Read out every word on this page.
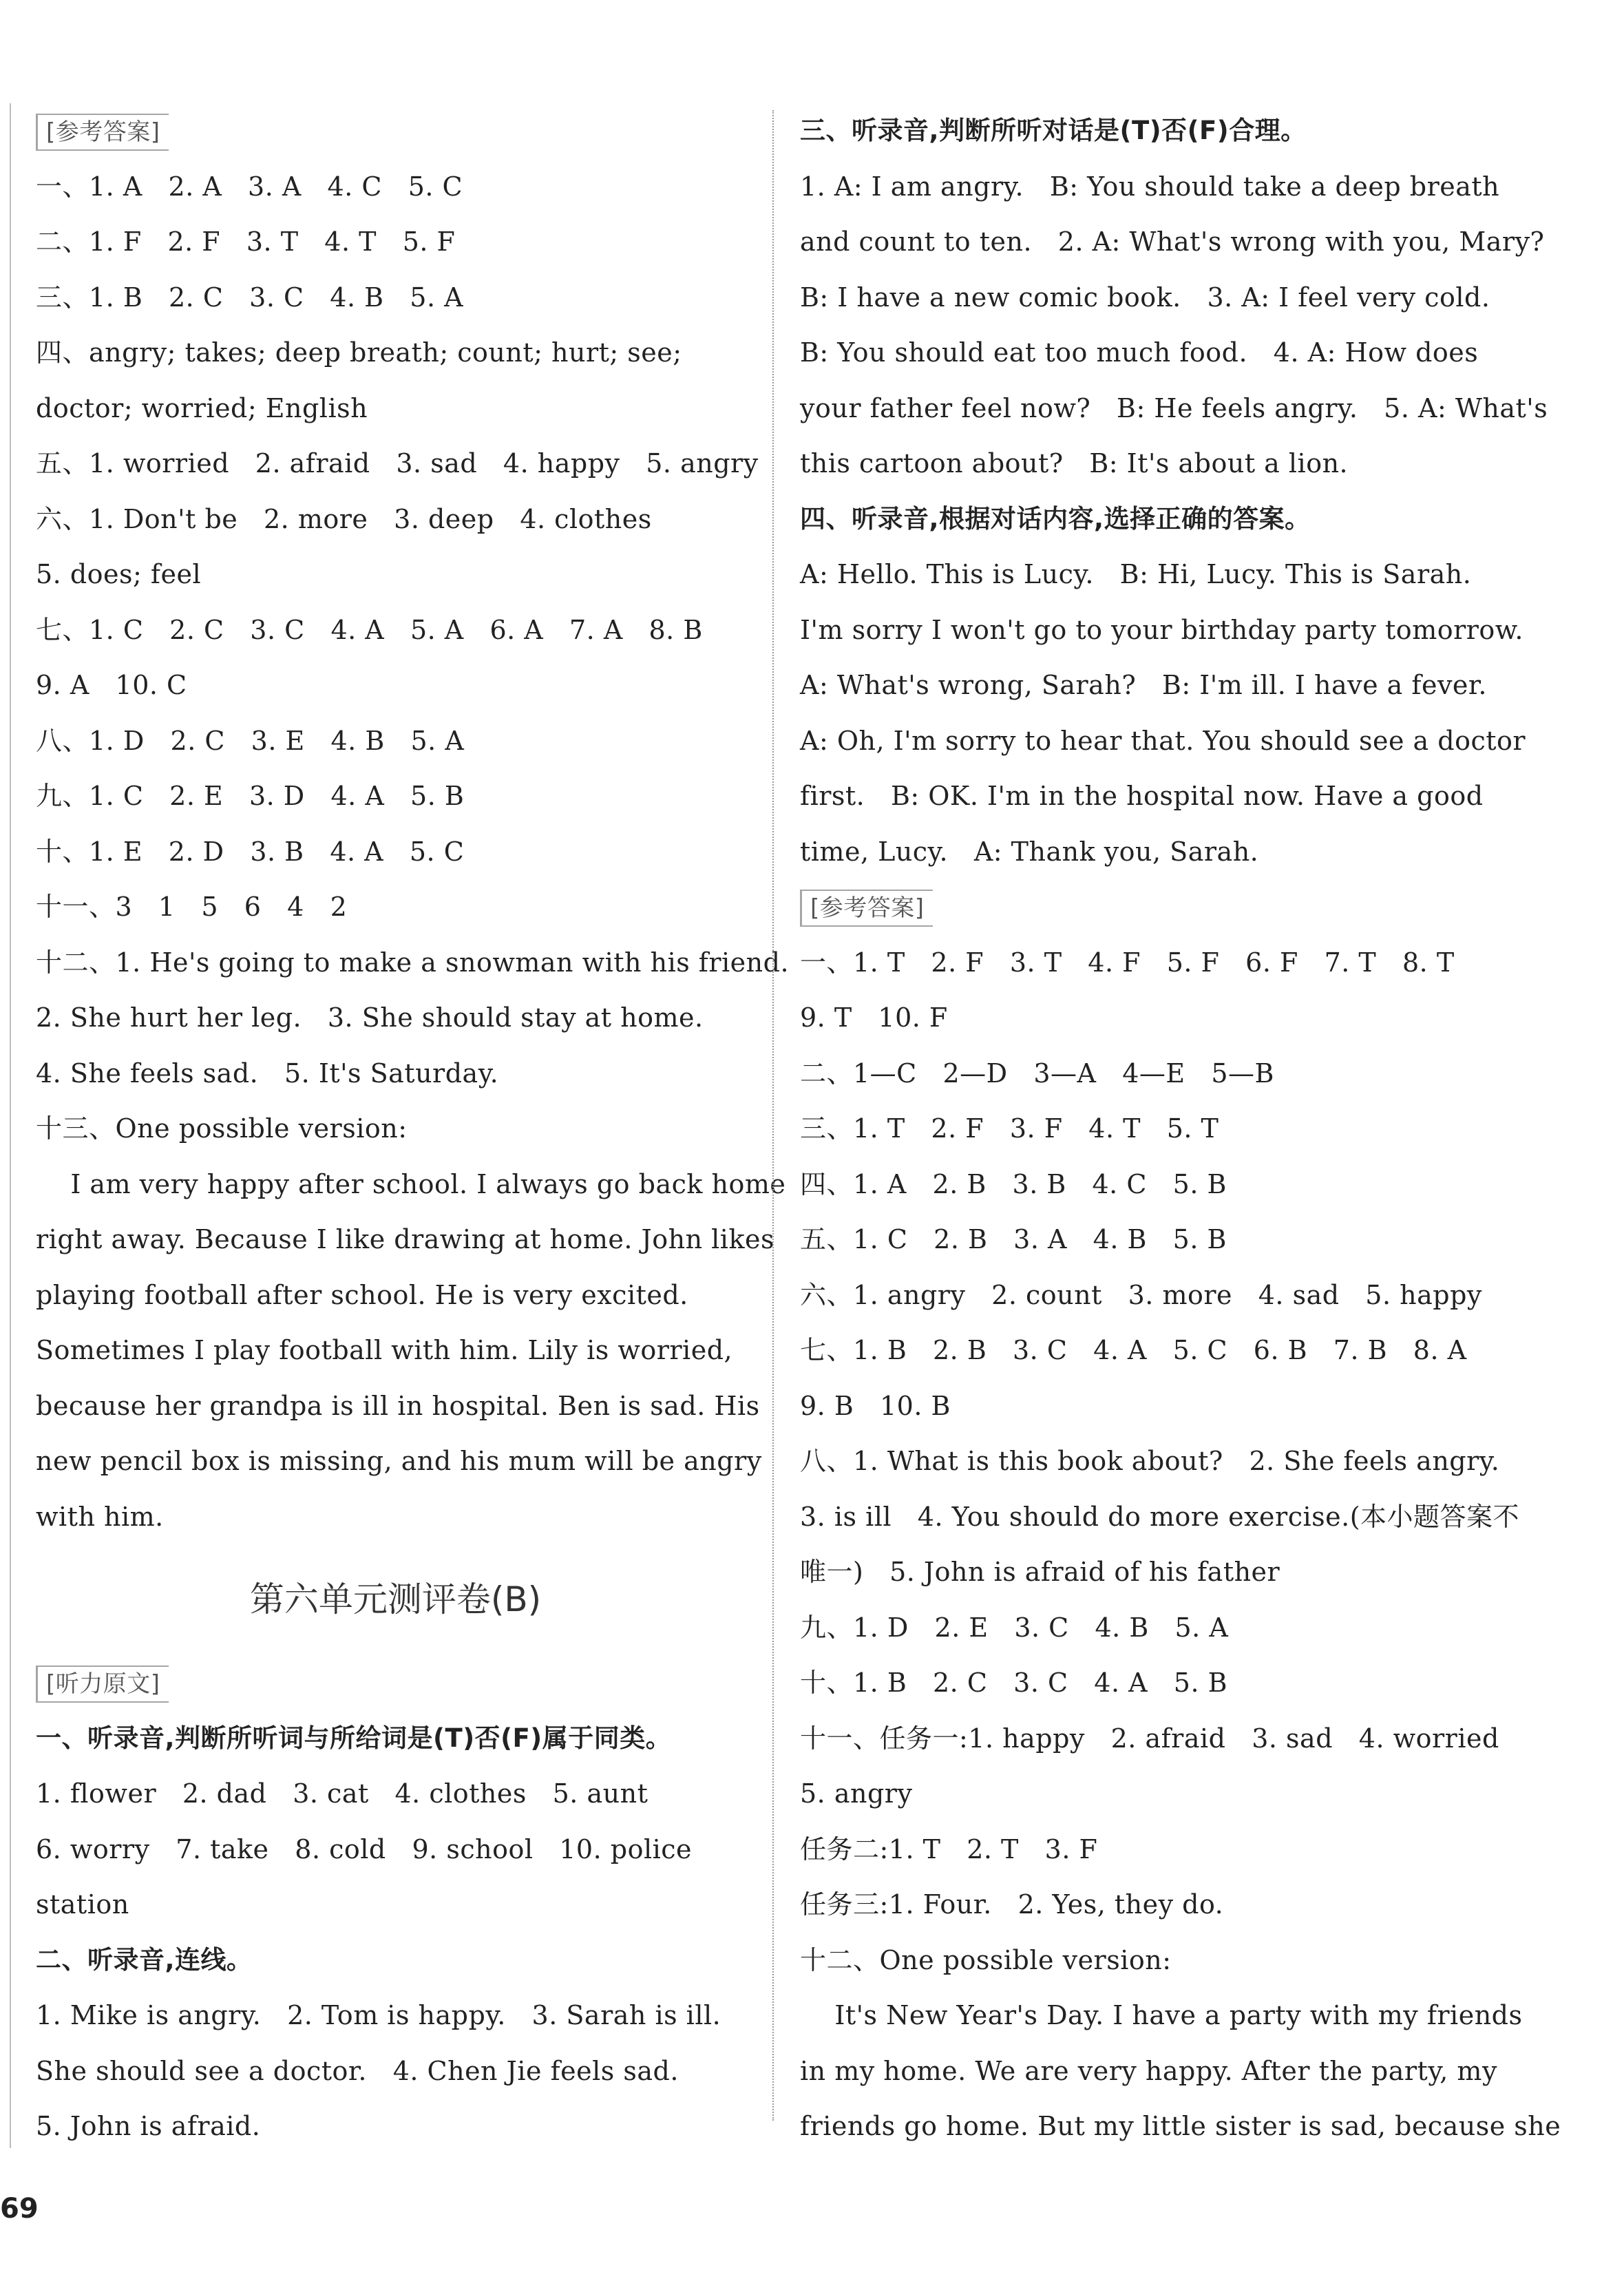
[参考答案]
一、1. A   2. A   3. A   4. C   5. C
二、1. F   2. F   3. T   4. T   5. F
三、1. B   2. C   3. C   4. B   5. A
四、angry; takes; deep breath; count; hurt; see;
doctor; worried; English
五、1. worried   2. afraid   3. sad   4. happy   5. angry
六、1. Don't be   2. more   3. deep   4. clothes
5. does; feel
七、1. C   2. C   3. C   4. A   5. A   6. A   7. A   8. B
9. A   10. C
八、1. D   2. C   3. E   4. B   5. A
九、1. C   2. E   3. D   4. A   5. B
十、1. E   2. D   3. B   4. A   5. C
十一、3   1   5   6   4   2
十二、1. He's going to make a snowman with his friend.
2. She hurt her leg.   3. She should stay at home.
4. She feels sad.   5. It's Saturday.
十三、One possible version:
I am very happy after school. I always go back home
right away. Because I like drawing at home. John likes
playing football after school. He is very excited.
Sometimes I play football with him. Lily is worried,
because her grandpa is ill in hospital. Ben is sad. His
new pencil box is missing, and his mum will be angry
with him.
第六单元测评卷(B)
[听力原文]
一、听录音,判断所听词与所给词是(T)否(F)属于同类。
1. flower   2. dad   3. cat   4. clothes   5. aunt
6. worry   7. take   8. cold   9. school   10. police
station
二、听录音,连线。
1. Mike is angry.   2. Tom is happy.   3. Sarah is ill.
She should see a doctor.   4. Chen Jie feels sad.
5. John is afraid.
三、听录音,判断所听对话是(T)否(F)合理。
1. A: I am angry.   B: You should take a deep breath
and count to ten.   2. A: What's wrong with you, Mary?
B: I have a new comic book.   3. A: I feel very cold.
B: You should eat too much food.   4. A: How does
your father feel now?   B: He feels angry.   5. A: What's
this cartoon about?   B: It's about a lion.
四、听录音,根据对话内容,选择正确的答案。
A: Hello. This is Lucy.   B: Hi, Lucy. This is Sarah.
I'm sorry I won't go to your birthday party tomorrow.
A: What's wrong, Sarah?   B: I'm ill. I have a fever.
A: Oh, I'm sorry to hear that. You should see a doctor
first.   B: OK. I'm in the hospital now. Have a good
time, Lucy.   A: Thank you, Sarah.
[参考答案]
一、1. T   2. F   3. T   4. F   5. F   6. F   7. T   8. T
9. T   10. F
二、1—C   2—D   3—A   4—E   5—B
三、1. T   2. F   3. F   4. T   5. T
四、1. A   2. B   3. B   4. C   5. B
五、1. C   2. B   3. A   4. B   5. B
六、1. angry   2. count   3. more   4. sad   5. happy
七、1. B   2. B   3. C   4. A   5. C   6. B   7. B   8. A
9. B   10. B
八、1. What is this book about?   2. She feels angry.
3. is ill   4. You should do more exercise.(本小题答案不
唯一)   5. John is afraid of his father
九、1. D   2. E   3. C   4. B   5. A
十、1. B   2. C   3. C   4. A   5. B
十一、任务一:1. happy   2. afraid   3. sad   4. worried
5. angry
任务二:1. T   2. T   3. F
任务三:1. Four.   2. Yes, they do.
十二、One possible version:
It's New Year's Day. I have a party with my friends
in my home. We are very happy. After the party, my
friends go home. But my little sister is sad, because she
69
